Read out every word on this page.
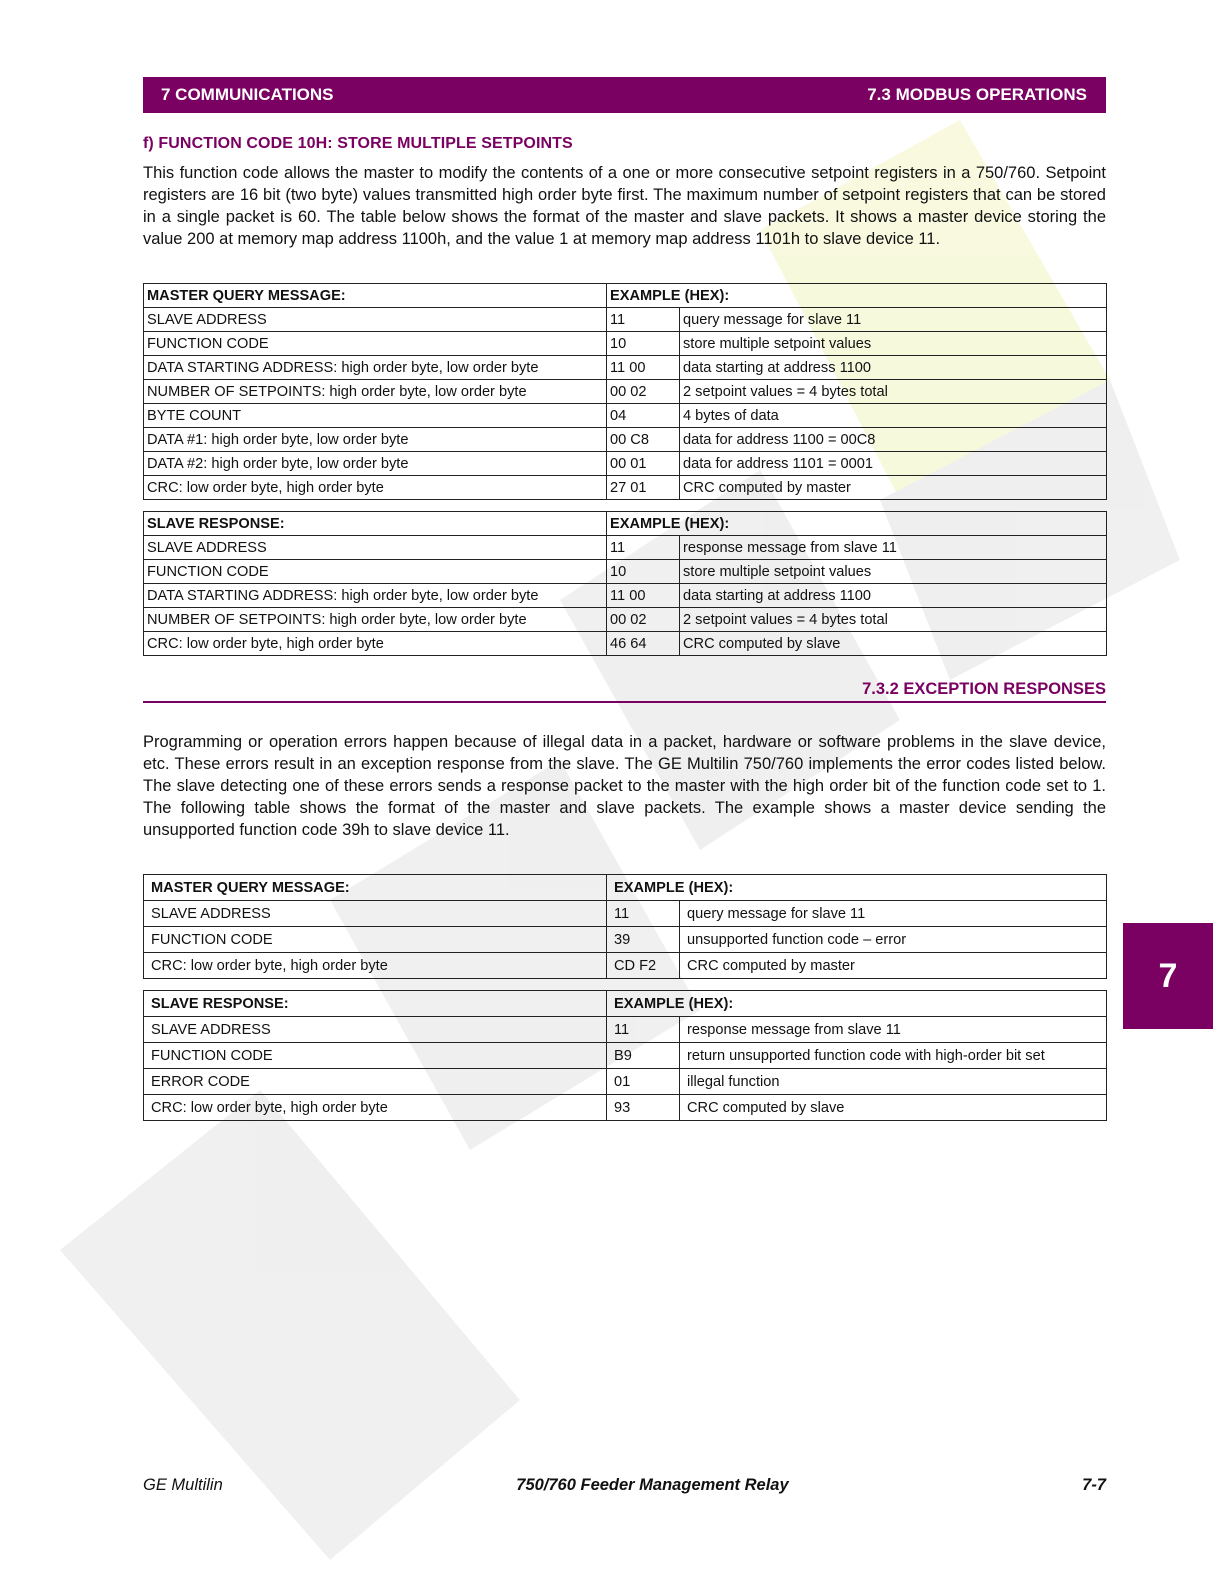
7 COMMUNICATIONS	7.3 MODBUS OPERATIONS
7
f) FUNCTION CODE 10H: STORE MULTIPLE SETPOINTS

This function code allows the master to modify the contents of a one or more consecutive setpoint registers in a 750/760. Setpoint registers are 16 bit (two byte) values transmitted high order byte first. The maximum number of setpoint registers that can be stored in a single packet is 60. The table below shows the format of the master and slave packets. It shows a master device storing the value 200 at memory map address 1100h, and the value 1 at memory map address 1101h to slave device 11.

MASTER QUERY MESSAGE:	EXAMPLE (HEX):	
SLAVE ADDRESS	11	query message for slave 11
FUNCTION CODE	10	store multiple setpoint values
DATA STARTING ADDRESS: high order byte, low order byte	11 00	data starting at address 1100
NUMBER OF SETPOINTS: high order byte, low order byte	00 02	2 setpoint values = 4 bytes total
BYTE COUNT	04	4 bytes of data
DATA #1: high order byte, low order byte	00 C8	data for address 1100 = 00C8
DATA #2: high order byte, low order byte	00 01	data for address 1101 = 0001
CRC: low order byte, high order byte	27 01	CRC computed by master
SLAVE RESPONSE:	EXAMPLE (HEX):	
SLAVE ADDRESS	11	response message from slave 11
FUNCTION CODE	10	store multiple setpoint values
DATA STARTING ADDRESS: high order byte, low order byte	11 00	data starting at address 1100
NUMBER OF SETPOINTS: high order byte, low order byte	00 02	2 setpoint values = 4 bytes total
CRC: low order byte, high order byte	46 64	CRC computed by slave
7.3.2 EXCEPTION RESPONSES

Programming or operation errors happen because of illegal data in a packet, hardware or software problems in the slave device, etc. These errors result in an exception response from the slave. The GE Multilin 750/760 implements the error codes listed below. The slave detecting one of these errors sends a response packet to the master with the high order bit of the function code set to 1. The following table shows the format of the master and slave packets. The example shows a master device sending the unsupported function code 39h to slave device 11.

MASTER QUERY MESSAGE:	EXAMPLE (HEX):	
SLAVE ADDRESS	11	query message for slave 11
FUNCTION CODE	39	unsupported function code – error
CRC: low order byte, high order byte	CD F2	CRC computed by master
SLAVE RESPONSE:	EXAMPLE (HEX):	
SLAVE ADDRESS	11	response message from slave 11
FUNCTION CODE	B9	return unsupported function code with high-order bit set
ERROR CODE	01	illegal function
CRC: low order byte, high order byte	93	CRC computed by slave
GE Multilin	750/760 Feeder Management Relay	7-7
